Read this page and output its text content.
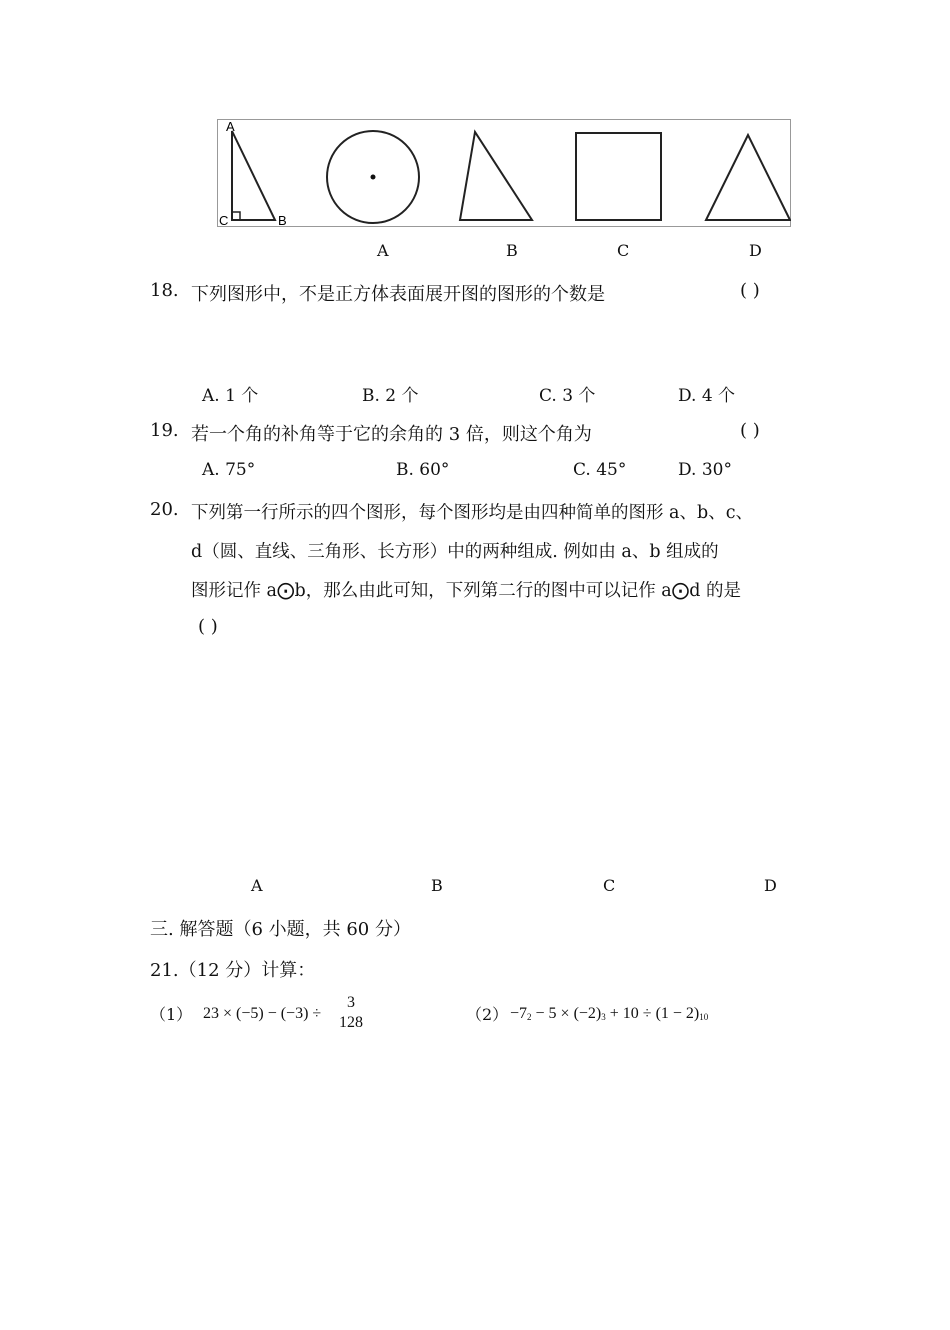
A
C	B
A	B	C	D
18. 下列图形中，不是正方体表面展开图的图形的个数是	( )
A. 1 个	B. 2 个	C. 3 个	D. 4 个
19. 若一个角的补角等于它的余角的 3 倍，则这个角为	( )
A. 75°	B. 60°	C. 45°	D. 30°
20. 下列第一行所示的四个图形，每个图形均是由四种简单的图形 a、b、c、
d（圆、直线、三角形、长方形）中的两种组成. 例如由 a、b 组成的
图形记作 a⨀b，那么由此可知，下列第二行的图中可以记作 a⨀d 的是
( )
A	B	C	D
三. 解答题（6 小题，共 60 分）
21.（12 分）计算：
（1） 23 × (−5) − (−3) ÷
3
128	$(2) -7_2 - 5 \times (-2)_3 + 10 \div (1 - 2)_{10}$
